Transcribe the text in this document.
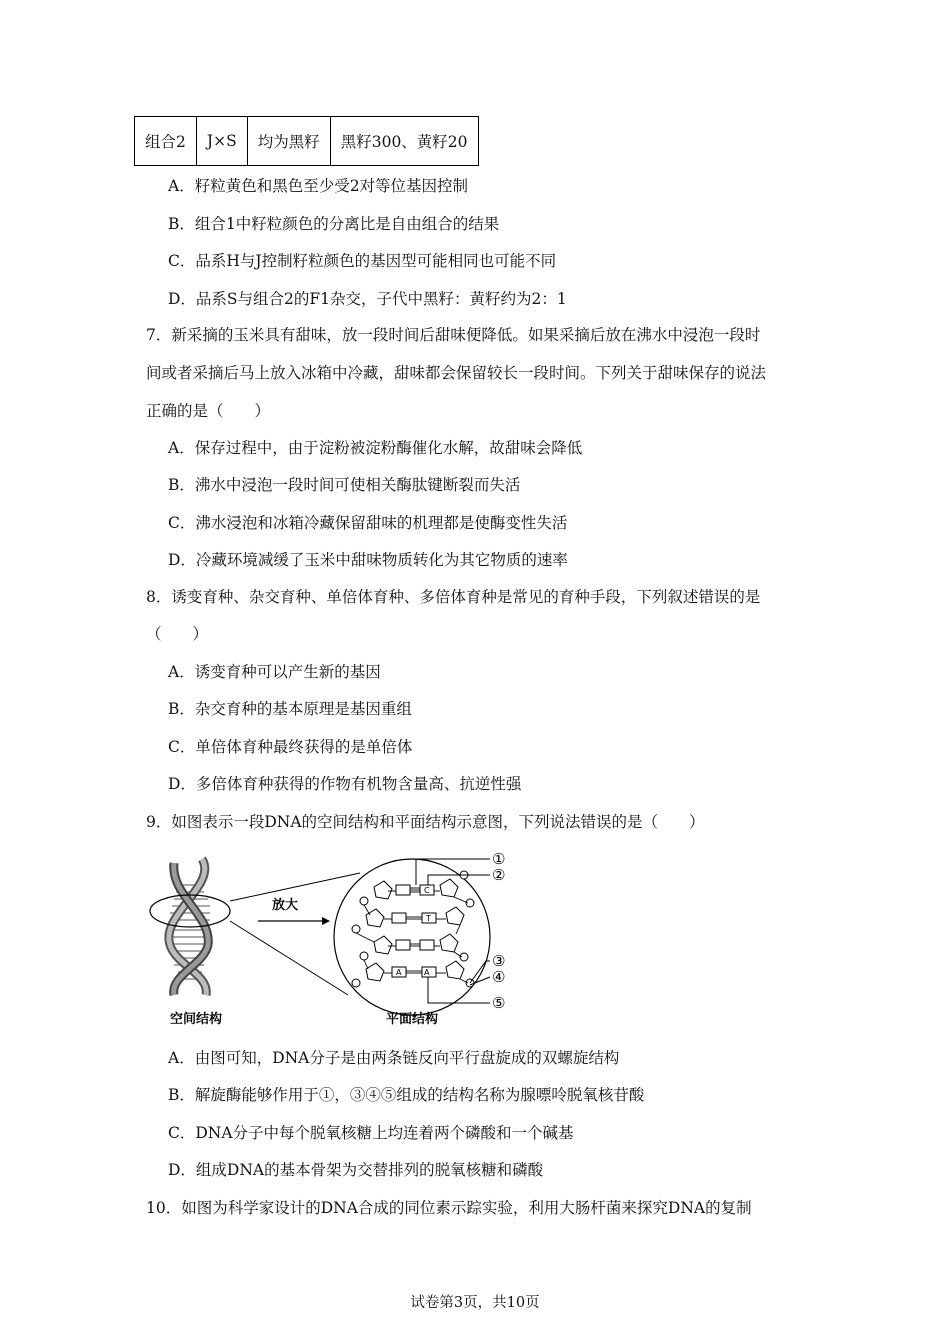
组合2	J×S	均为黑籽	黑籽300、黄籽20
A．籽粒黄色和黑色至少受2对等位基因控制
B．组合1中籽粒颜色的分离比是自由组合的结果
C．品系H与J控制籽粒颜色的基因型可能相同也可能不同
D．品系S与组合2的F1杂交，子代中黑籽：黄籽约为2：1
7．新采摘的玉米具有甜味，放一段时间后甜味便降低。如果采摘后放在沸水中浸泡一段时
间或者采摘后马上放入冰箱中冷藏，甜味都会保留较长一段时间。下列关于甜味保存的说法
正确的是（　　）
A．保存过程中，由于淀粉被淀粉酶催化水解，故甜味会降低
B．沸水中浸泡一段时间可使相关酶肽键断裂而失活
C．沸水浸泡和冰箱冷藏保留甜味的机理都是使酶变性失活
D．冷藏环境减缓了玉米中甜味物质转化为其它物质的速率
8．诱变育种、杂交育种、单倍体育种、多倍体育种是常见的育种手段，下列叙述错误的是
（　　）
A．诱变育种可以产生新的基因
B．杂交育种的基本原理是基因重组
C．单倍体育种最终获得的是单倍体
D．多倍体育种获得的作物有机物含量高、抗逆性强
9．如图表示一段DNA的空间结构和平面结构示意图，下列说法错误的是（　　）
放大
C
T
A	A
①
②
③
④
⑤
空间结构	平面结构
A．由图可知，DNA分子是由两条链反向平行盘旋成的双螺旋结构
B．解旋酶能够作用于①，③④⑤组成的结构名称为腺嘌呤脱氧核苷酸
C．DNA分子中每个脱氧核糖上均连着两个磷酸和一个碱基
D．组成DNA的基本骨架为交替排列的脱氧核糖和磷酸
10．如图为科学家设计的DNA合成的同位素示踪实验，利用大肠杆菌来探究DNA的复制
试卷第3页，共10页
